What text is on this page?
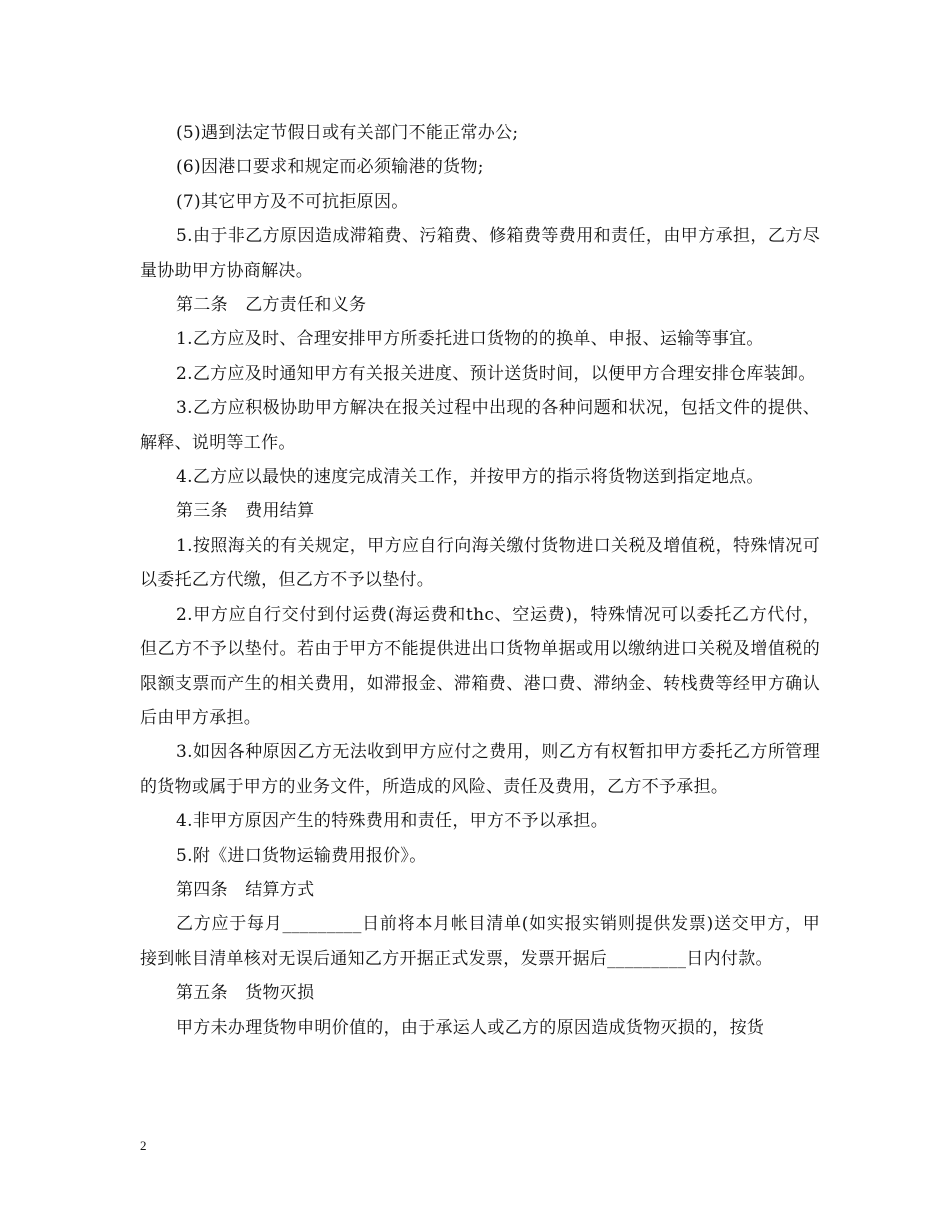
(5)遇到法定节假日或有关部门不能正常办公;

(6)因港口要求和规定而必须输港的货物;

(7)其它甲方及不可抗拒原因。

5.由于非乙方原因造成滞箱费、污箱费、修箱费等费用和责任，由甲方承担，乙方尽量协助甲方协商解决。

第二条　乙方责任和义务

1.乙方应及时、合理安排甲方所委托进口货物的的换单、申报、运输等事宜。

2.乙方应及时通知甲方有关报关进度、预计送货时间，以便甲方合理安排仓库装卸。

3.乙方应积极协助甲方解决在报关过程中出现的各种问题和状况，包括文件的提供、解释、说明等工作。

4.乙方应以最快的速度完成清关工作，并按甲方的指示将货物送到指定地点。

第三条　费用结算

1.按照海关的有关规定，甲方应自行向海关缴付货物进口关税及增值税，特殊情况可以委托乙方代缴，但乙方不予以垫付。

2.甲方应自行交付到付运费(海运费和thc、空运费)，特殊情况可以委托乙方代付，但乙方不予以垫付。若由于甲方不能提供进出口货物单据或用以缴纳进口关税及增值税的限额支票而产生的相关费用，如滞报金、滞箱费、港口费、滞纳金、转栈费等经甲方确认后由甲方承担。

3.如因各种原因乙方无法收到甲方应付之费用，则乙方有权暂扣甲方委托乙方所管理的货物或属于甲方的业务文件，所造成的风险、责任及费用，乙方不予承担。

4.非甲方原因产生的特殊费用和责任，甲方不予以承担。

5.附《进口货物运输费用报价》。

第四条　结算方式

乙方应于每月_________日前将本月帐目清单(如实报实销则提供发票)送交甲方，甲接到帐目清单核对无误后通知乙方开据正式发票，发票开据后_________日内付款。

第五条　货物灭损

甲方未办理货物申明价值的，由于承运人或乙方的原因造成货物灭损的，按货

2
